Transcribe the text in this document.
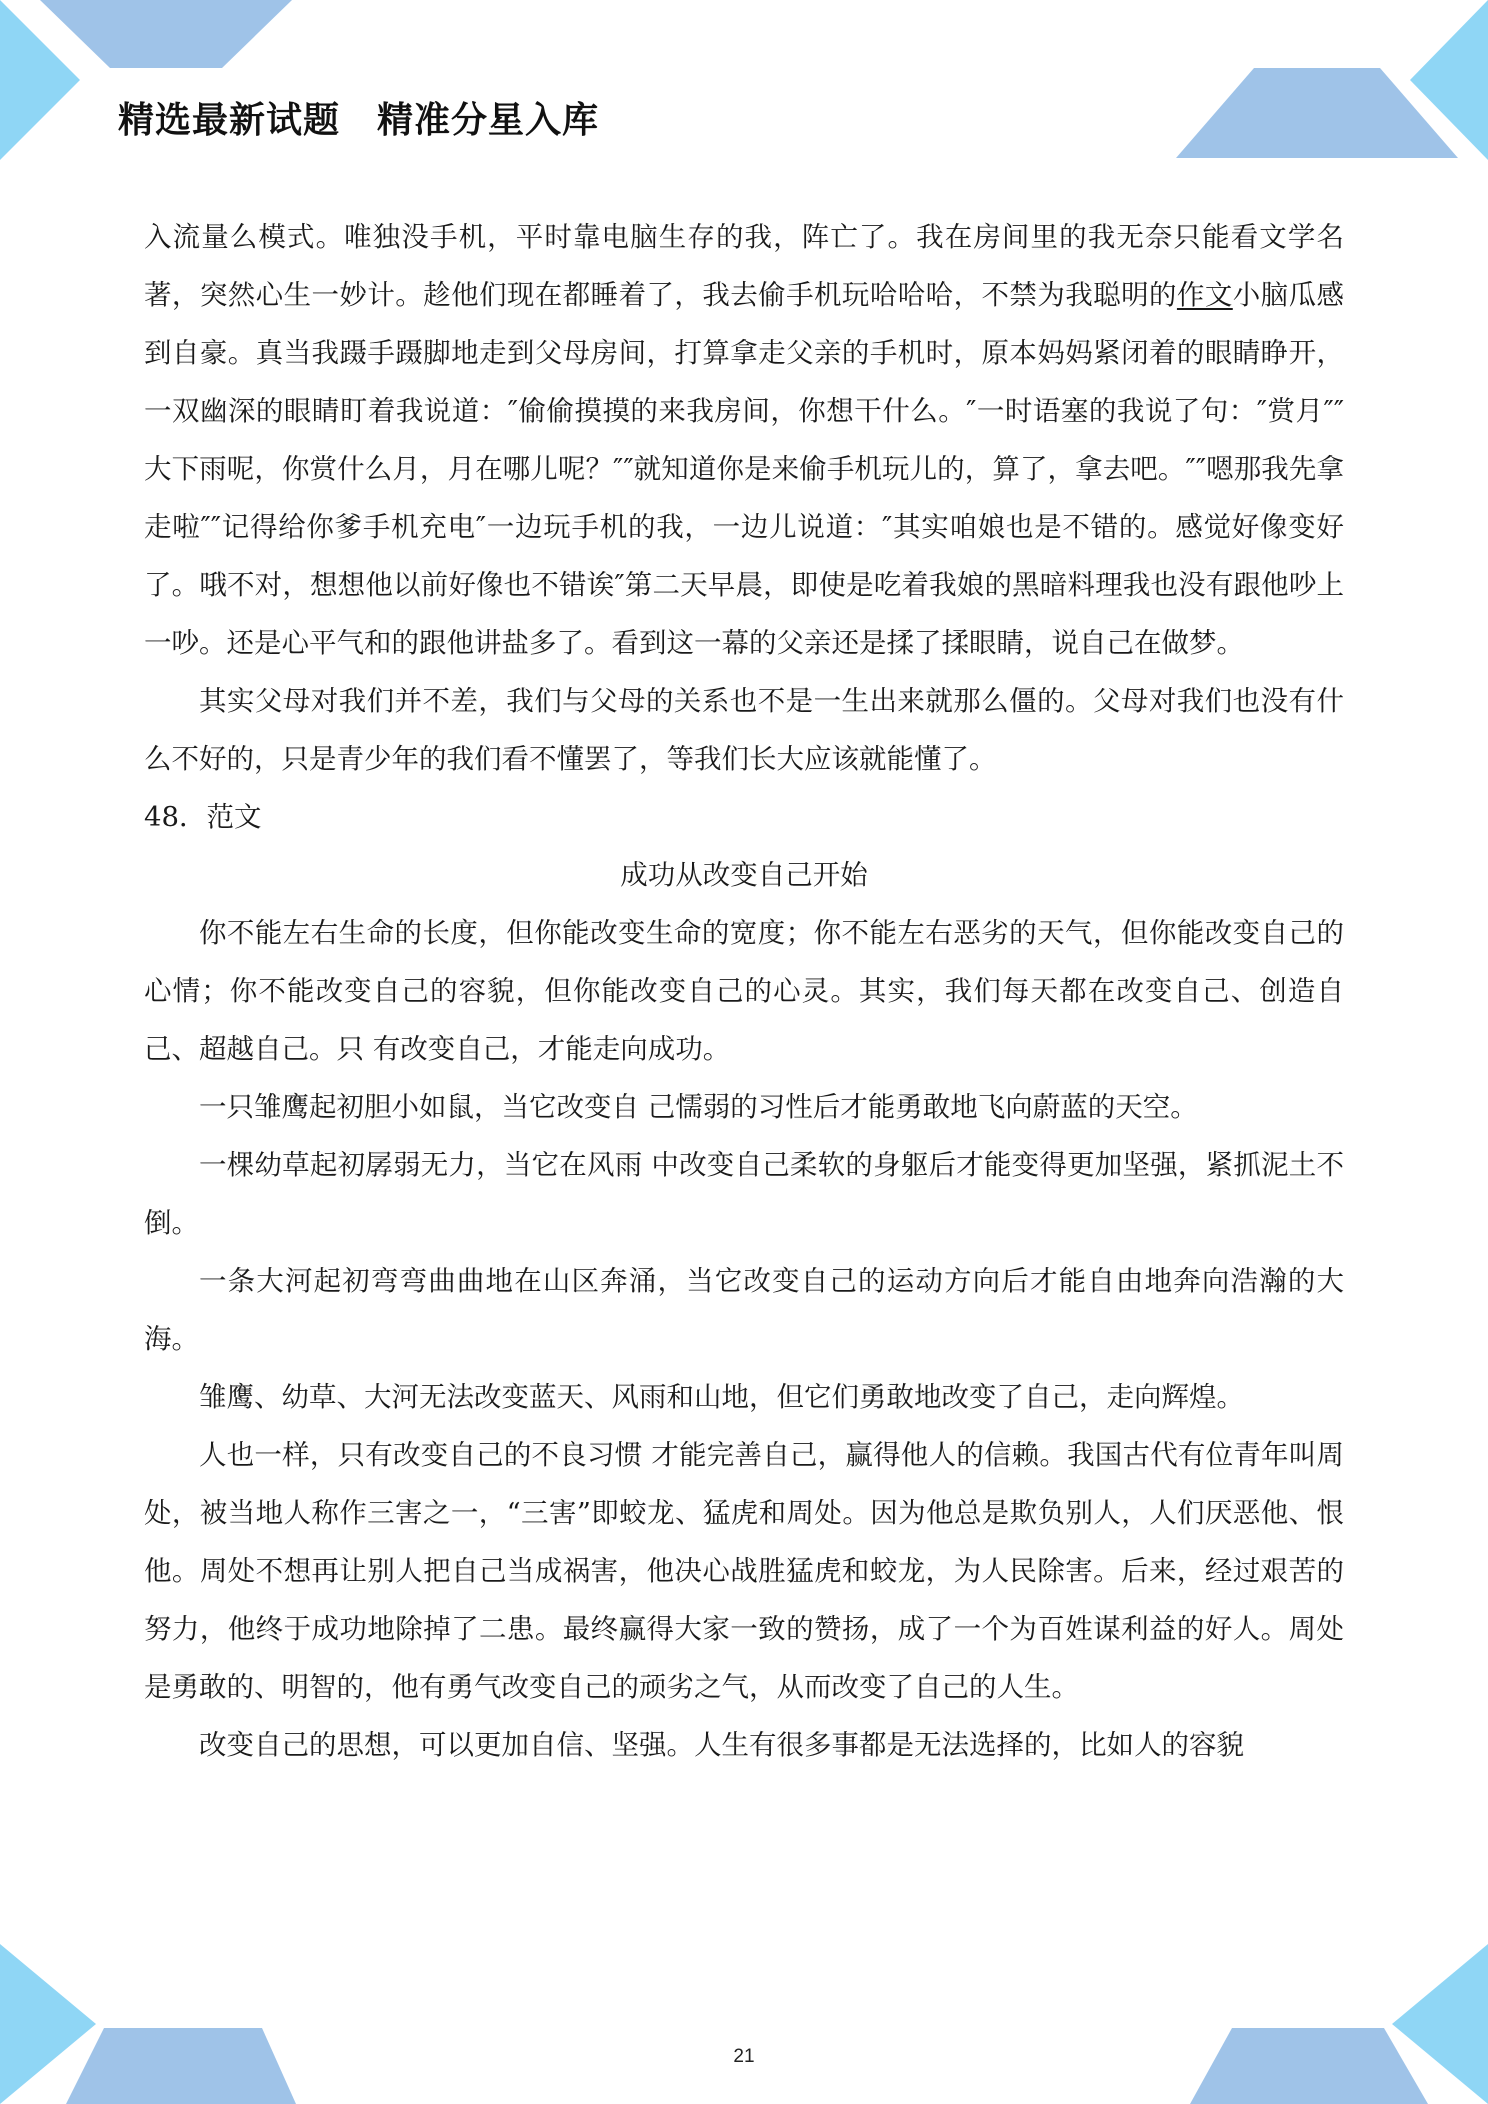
精选最新试题　精准分星入库

入流量么模式。唯独没手机，平时靠电脑生存的我，阵亡了。我在房间里的我无奈只能看文学名著，突然心生一妙计。趁他们现在都睡着了，我去偷手机玩哈哈哈，不禁为我聪明的作文小脑瓜感到自豪。真当我蹑手蹑脚地走到父母房间，打算拿走父亲的手机时，原本妈妈紧闭着的眼睛睁开，一双幽深的眼睛盯着我说道：″偷偷摸摸的来我房间，你想干什么。″一时语塞的我说了句：″赏月″″大下雨呢，你赏什么月，月在哪儿呢？″″就知道你是来偷手机玩儿的，算了，拿去吧。″″嗯那我先拿走啦″″记得给你爹手机充电″一边玩手机的我，一边儿说道：″其实咱娘也是不错的。感觉好像变好了。哦不对，想想他以前好像也不错诶″第二天早晨，即使是吃着我娘的黑暗料理我也没有跟他吵上一吵。还是心平气和的跟他讲盐多了。看到这一幕的父亲还是揉了揉眼睛，说自己在做梦。

其实父母对我们并不差，我们与父母的关系也不是一生出来就那么僵的。父母对我们也没有什么不好的，只是青少年的我们看不懂罢了，等我们长大应该就能懂了。

48．范文

成功从改变自己开始

你不能左右生命的长度，但你能改变生命的宽度；你不能左右恶劣的天气，但你能改变自己的心情；你不能改变自己的容貌，但你能改变自己的心灵。其实，我们每天都在改变自己、创造自己、超越自己。只 有改变自己，才能走向成功。

一只雏鹰起初胆小如鼠，当它改变自 己懦弱的习性后才能勇敢地飞向蔚蓝的天空。

一棵幼草起初孱弱无力，当它在风雨 中改变自己柔软的身躯后才能变得更加坚强，紧抓泥土不倒。

一条大河起初弯弯曲曲地在山区奔涌，当它改变自己的运动方向后才能自由地奔向浩瀚的大海。

雏鹰、幼草、大河无法改变蓝天、风雨和山地，但它们勇敢地改变了自己，走向辉煌。

人也一样，只有改变自己的不良习惯 才能完善自己，赢得他人的信赖。我国古代有位青年叫周处，被当地人称作三害之一，“三害”即蛟龙、猛虎和周处。因为他总是欺负别人，人们厌恶他、恨他。周处不想再让别人把自己当成祸害，他决心战胜猛虎和蛟龙，为人民除害。后来，经过艰苦的努力，他终于成功地除掉了二患。最终赢得大家一致的赞扬，成了一个为百姓谋利益的好人。周处是勇敢的、明智的，他有勇气改变自己的顽劣之气，从而改变了自己的人生。

改变自己的思想，可以更加自信、坚强。人生有很多事都是无法选择的，比如人的容貌

21
